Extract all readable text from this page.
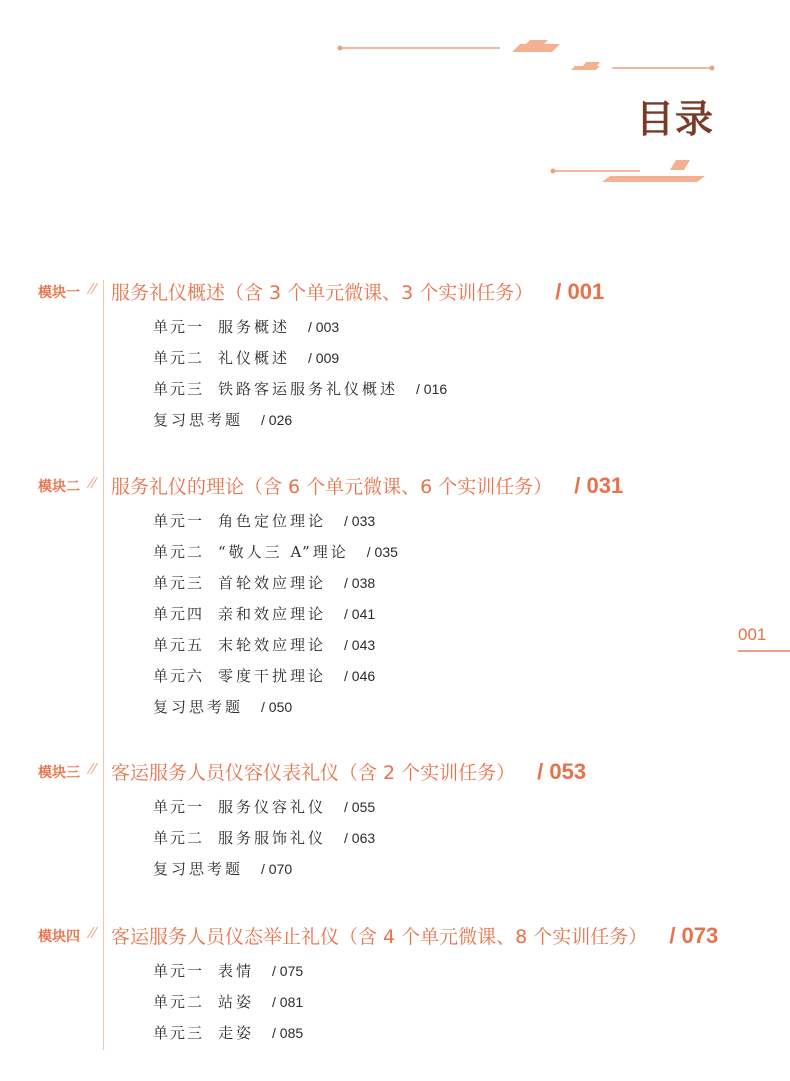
目录
模块一 服务礼仪概述（含 3 个单元微课、3 个实训任务） / 001
单元一 服务概述 / 003
单元二 礼仪概述 / 009
单元三 铁路客运服务礼仪概述 / 016
复习思考题 / 026
模块二 服务礼仪的理论（含 6 个单元微课、6 个实训任务） / 031
单元一 角色定位理论 / 033
单元二 “敬人三 A”理论 / 035
单元三 首轮效应理论 / 038
单元四 亲和效应理论 / 041
单元五 末轮效应理论 / 043
单元六 零度干扰理论 / 046
复习思考题 / 050
模块三 客运服务人员仪容仪表礼仪（含 2 个实训任务） / 053
单元一 服务仪容礼仪 / 055
单元二 服务服饰礼仪 / 063
复习思考题 / 070
模块四 客运服务人员仪态举止礼仪（含 4 个单元微课、8 个实训任务） / 073
单元一 表情 / 075
单元二 站姿 / 081
单元三 走姿 / 085
001
